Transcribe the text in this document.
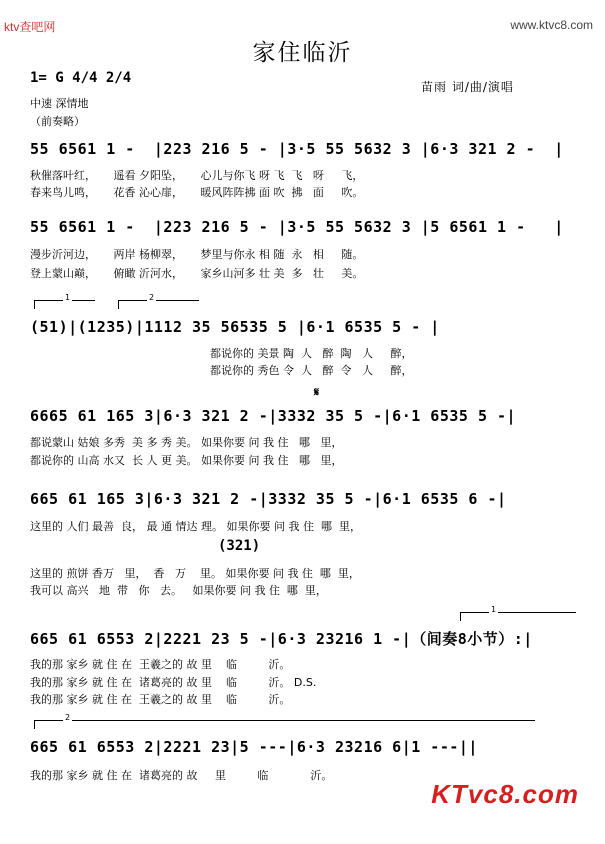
ktv查吧网	www.ktvc8.com
家住临沂
1= G 4/4 2/4
中速 深情地
（前奏略）
苗雨 词/曲/演唱
55 6561 1 -  |223 216 5 - |3·5 55 5632 3 |6·3 321 2 -  |
秋催落叶红，     遥看 夕阳坠，     心儿与你飞 呀 飞  飞   呀     飞，
春来鸟儿鸣，     花香 沁心扉，     暖风阵阵拂 面 吹  拂   面     吹。
55 6561 1 -  |223 216 5 - |3·5 55 5632 3 |5 6561 1 -   |
漫步沂河边，     两岸 杨柳翠，     梦里与你永 相 随  永   相     随。
登上蒙山巅，     俯瞰 沂河水，     家乡山河多 壮 美  多   壮     美。
1	2
(51)|(1235)|1112 35 56535 5 |6·1 6535 5 - |
都说你的 美景 陶  人   醉  陶   人     醉，
都说你的 秀色 令  人   醉  令   人     醉，
𝄋
6665 61 165 3|6·3 321 2 -|3332 35 5 -|6·1 6535 5 -|
都说蒙山 姑娘 多秀  美 多 秀 美。 如果你要 问 我 住   哪   里，
都说你的 山高 水又  长 人 更 美。 如果你要 问 我 住   哪   里，
665 61 165 3|6·3 321 2 -|3332 35 5 -|6·1 6535 6 -|
这里的 人们 最善  良， 最 通 情达 理。 如果你要 问 我 住  哪  里，
(321)
这里的 煎饼 香万   里，  香   万    里。 如果你要 问 我 住  哪  里，
我可以 高兴   地  带   你   去。   如果你要 问 我 住  哪  里，
1
665 61 6553 2|2221 23 5 -|6·3 23216 1 -|（间奏8小节）:|
我的那 家乡 就 住 在  王羲之的 故 里    临         沂。
我的那 家乡 就 住 在  诸葛亮的 故 里    临         沂。 D.S.
我的那 家乡 就 住 在  王羲之的 故 里    临         沂。
2
665 61 6553 2|2221 23|5 ---|6·3 23216 6|1 ---||
我的那 家乡 就 住 在  诸葛亮的 故     里         临            沂。
KTvc8.com
